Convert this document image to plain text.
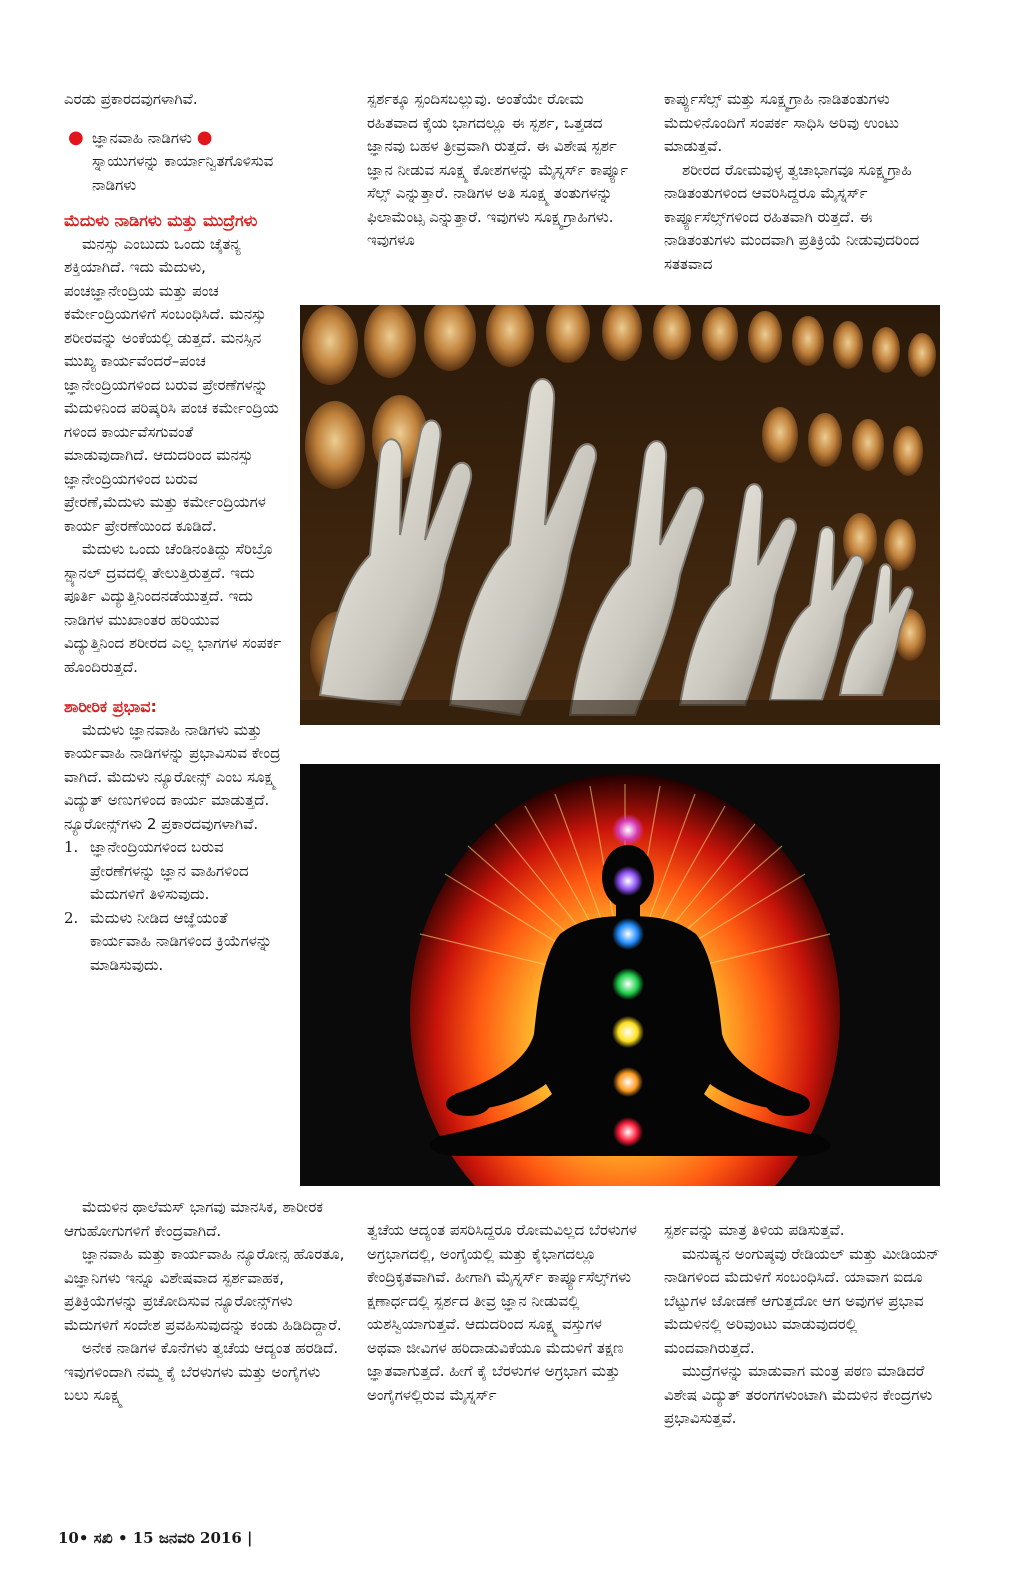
ಎರಡು ಪ್ರಕಾರದವುಗಳಾಗಿವೆ.

● ಜ್ಞಾನವಾಹಿ ನಾಡಿಗಳು ● ಸ್ನಾಯುಗಳನ್ನು ಕಾರ್ಯಾನ್ವಿತಗೊಳಿಸುವ ನಾಡಿಗಳು

ಮೆದುಳು ನಾಡಿಗಳು ಮತ್ತು ಮುದ್ರೆಗಳು

ಮನಸ್ಸು ಎಂಬುದು ಒಂದು ಚೈತನ್ಯ ಶಕ್ತಿಯಾಗಿದೆ. ಇದು ಮೆದುಳು, ಪಂಚಜ್ಞಾನೇಂದ್ರಿಯ ಮತ್ತು ಪಂಚ ಕರ್ಮೇಂದ್ರಿಯಗಳಿಗೆ ಸಂಬಂಧಿಸಿದೆ. ಮನಸ್ಸು ಶರೀರವನ್ನು ಅಂಕೆಯಲ್ಲಿ ಡುತ್ತದೆ. ಮನಸ್ಸಿನ ಮುಖ್ಯ ಕಾರ್ಯವೆಂದರೆ–ಪಂಚ ಜ್ಞಾನೇಂದ್ರಿಯಗಳಿಂದ ಬರುವ ಪ್ರೇರಣೆಗಳನ್ನು ಮೆದುಳಿನಿಂದ ಪರಿಷ್ಕರಿಸಿ ಪಂಚ ಕರ್ಮೇಂದ್ರಿಯ ಗಳಿಂದ ಕಾರ್ಯವೆಸಗುವಂತೆ ಮಾಡುವುದಾಗಿದೆ. ಆದುದರಿಂದ ಮನಸ್ಸು ಜ್ಞಾನೇಂದ್ರಿಯಗಳಿಂದ ಬರುವ ಪ್ರೇರಣೆ,ಮೆದುಳು ಮತ್ತು ಕರ್ಮೇಂದ್ರಿಯಗಳ ಕಾರ್ಯ ಪ್ರೇರಣೆಯಿಂದ ಕೂಡಿದೆ.

ಮೆದುಳು ಒಂದು ಚೆಂಡಿನಂತಿದ್ದು ಸೆರಿಬ್ರೊ ಸ್ಪ್ಯಾನಲ್ ದ್ರವದಲ್ಲಿ ತೇಲುತ್ತಿರುತ್ತದೆ. ಇದು ಪೂರ್ತಿ ವಿದ್ಯುತ್ತಿನಿಂದನಡೆಯುತ್ತದೆ. ಇದು ನಾಡಿಗಳ ಮುಖಾಂತರ ಹರಿಯುವ ವಿದ್ಯುತ್ತಿನಿಂದ ಶರೀರದ ಎಲ್ಲ ಭಾಗಗಳ ಸಂಪರ್ಕ ಹೊಂದಿರುತ್ತದೆ.

ಶಾರೀರಿಕ ಪ್ರಭಾವ:

ಮೆದುಳು ಜ್ಞಾನವಾಹಿ ನಾಡಿಗಳು ಮತ್ತು ಕಾರ್ಯವಾಹಿ ನಾಡಿಗಳನ್ನು ಪ್ರಭಾವಿಸುವ ಕೇಂದ್ರ ವಾಗಿದೆ. ಮೆದುಳು ನ್ಯೂರೋನ್ಸ್ ಎಂಬ ಸೂಕ್ಷ್ಮ ವಿದ್ಯುತ್ ಅಣುಗಳಿಂದ ಕಾರ್ಯ ಮಾಡುತ್ತದೆ. ನ್ಯೂರೋನ್ಸ್‌ಗಳು 2 ಪ್ರಕಾರದವುಗಳಾಗಿವೆ.

1. ಜ್ಞಾನೇಂದ್ರಿಯಗಳಿಂದ ಬರುವ ಪ್ರೇರಣೆಗಳನ್ನು ಜ್ಞಾನ ವಾಹಿಗಳಿಂದ ಮೆದುಗಳಿಗೆ ತಿಳಿಸುವುದು.
2. ಮೆದುಳು ನೀಡಿದ ಆಜ್ಞೆಯಂತೆ ಕಾರ್ಯವಾಹಿ ನಾಡಿಗಳಿಂದ ಕ್ರಿಯೆಗಳನ್ನು ಮಾಡಿಸುವುದು.

ಮೆದುಳಿನ ಥಾಲೆಮಸ್ ಭಾಗವು ಮಾನಸಿಕ, ಶಾರೀರಕ ಆಗುಹೋಗುಗಳಿಗೆ ಕೇಂದ್ರವಾಗಿದೆ.

ಜ್ಞಾನವಾಹಿ ಮತ್ತು ಕಾರ್ಯವಾಹಿ ನ್ಯೂರೋನ್ಸ ಹೊರತೂ, ವಿಜ್ಞಾನಿಗಳು ಇನ್ನೂ ವಿಶೇಷವಾದ ಸ್ಪರ್ಶವಾಹಕ, ಪ್ರತಿಕ್ರಿಯೆಗಳನ್ನು ಪ್ರಚೋದಿಸುವ ನ್ಯೂರೋನ್ಸ್‌ಗಳು ಮೆದುಗಳಿಗೆ ಸಂದೇಶ ಪ್ರವಹಿಸುವುದನ್ನು ಕಂಡು ಹಿಡಿದಿದ್ದಾರೆ.

ಅನೇಕ ನಾಡಿಗಳ ಕೊನೆಗಳು ತ್ವಚೆಯ ಆದ್ಯಂತ ಹರಡಿದೆ. ಇವುಗಳಿಂದಾಗಿ ನಮ್ಮ ಕೈ ಬೆರಳುಗಳು ಮತ್ತು ಅಂಗೈಗಳು ಬಲು ಸೂಕ್ಷ್ಮ

ಸ್ಪರ್ಶಕ್ಕೂ ಸ್ಪಂದಿಸಬಲ್ಲುವು. ಅಂತೆಯೇ ರೋಮ ರಹಿತವಾದ ಕೈಯ ಭಾಗದಲ್ಲೂ ಈ ಸ್ಪರ್ಶ, ಒತ್ತಡದ ಜ್ಞಾನವು ಬಹಳ ತ್ರೀವ್ರವಾಗಿ ರುತ್ತದೆ. ಈ ವಿಶೇಷ ಸ್ಪರ್ಶ ಜ್ಞಾನ ನೀಡುವ ಸೂಕ್ಷ್ಮ ಕೋಶಗಳನ್ನು ಮೈಸ್ನರ್ಸ್ ಕಾರ್ಪ್ಯೂ ಸೆಲ್ಸ್ ಎನ್ನುತ್ತಾರೆ. ನಾಡಿಗಳ ಅತಿ ಸೂಕ್ಷ್ಮ ತಂತುಗಳನ್ನು ಫಿಲಾಮೆಂಟ್ಸ ಎನ್ನುತ್ತಾರೆ. ಇವುಗಳು ಸೂಕ್ಷ್ಮಗ್ರಾಹಿಗಳು. ಇವುಗಳೂ

ಕಾರ್ಪ್ಯುಸೆಲ್ಸ್ ಮತ್ತು ಸೂಕ್ಷ್ಮಗ್ರಾಹಿ ನಾಡಿತಂತುಗಳು ಮೆದುಳಿನೊಂದಿಗೆ ಸಂಪರ್ಕ ಸಾಧಿಸಿ ಅರಿವು ಉಂಟು ಮಾಡುತ್ತವೆ.

ಶರೀರದ ರೋಮವುಳ್ಳ ತ್ವಚಾಭಾಗವೂ ಸೂಕ್ಷ್ಮಗ್ರಾಹಿ ನಾಡಿತಂತುಗಳಿಂದ ಆವರಿಸಿದ್ದರೂ ಮೈಸ್ನರ್ಸ್ ಕಾರ್ಪ್ಯೂಸೆಲ್ಸ್‌ಗಳಿಂದ ರಹಿತವಾಗಿ ರುತ್ತದೆ. ಈ ನಾಡಿತಂತುಗಳು ಮಂದವಾಗಿ ಪ್ರತಿಕ್ರಿಯೆ ನೀಡುವುದರಿಂದ ಸತತವಾದ

ತ್ವಚೆಯ ಆದ್ಯಂತ ಪಸರಿಸಿದ್ದರೂ ರೋಮವಿಲ್ಲದ ಬೆರಳುಗಳ ಅಗ್ರಭಾಗದಲ್ಲಿ, ಅಂಗೈಯಲ್ಲಿ ಮತ್ತು ಕೈಭಾಗದಲ್ಲೂ ಕೇಂದ್ರಿಕೃತವಾಗಿವೆ. ಹೀಗಾಗಿ ಮೈಸ್ನರ್ಸ್ ಕಾರ್ಪ್ಯೂಸೆಲ್ಸ್‌ಗಳು ಕ್ಷಣಾರ್ಧದಲ್ಲಿ ಸ್ಪರ್ಶದ ತೀವ್ರ ಜ್ಞಾನ ನೀಡುವಲ್ಲಿ ಯಶಸ್ವಿಯಾಗುತ್ತವೆ. ಆದುದರಿಂದ ಸೂಕ್ಷ್ಮ ವಸ್ತುಗಳ ಅಥವಾ ಜೀವಿಗಳ ಹರಿದಾಡುವಿಕೆಯೂ ಮೆದುಳಿಗೆ ತಕ್ಷಣ ಜ್ಞಾತವಾಗುತ್ತದೆ. ಹೀಗೆ ಕೈ ಬೆರಳುಗಳ ಅಗ್ರಭಾಗ ಮತ್ತು ಅಂಗೈಗಳಲ್ಲಿರುವ ಮೈಸ್ನರ್ಸ್

ಸ್ಪರ್ಶವನ್ನು ಮಾತ್ರ ತಿಳಿಯ ಪಡಿಸುತ್ತವೆ.

ಮನುಷ್ಯನ ಅಂಗುಷ್ಠವು ರೇಡಿಯಲ್ ಮತ್ತು ಮೀಡಿಯನ್ ನಾಡಿಗಳಿಂದ ಮೆದುಳಿಗೆ ಸಂಬಂಧಿಸಿದೆ. ಯಾವಾಗ ಐದೂ ಬೆಟ್ಟುಗಳ ಜೋಡಣೆ ಆಗುತ್ತದೋ ಆಗ ಅವುಗಳ ಪ್ರಭಾವ ಮೆದುಳಿನಲ್ಲಿ ಅರಿವುಂಟು ಮಾಡುವುದರಲ್ಲಿ ಮಂದವಾಗಿರುತ್ತದೆ.

ಮುದ್ರೆಗಳನ್ನು ಮಾಡುವಾಗ ಮಂತ್ರ ಪಠಣ ಮಾಡಿದರೆ ವಿಶೇಷ ವಿದ್ಯುತ್ ತರಂಗಗಳುಂಟಾಗಿ ಮೆದುಳಿನ ಕೇಂದ್ರಗಳು ಪ್ರಭಾವಿಸುತ್ತವೆ.

10• ಸಖಿ • 15 ಜನವರಿ 2016 |
